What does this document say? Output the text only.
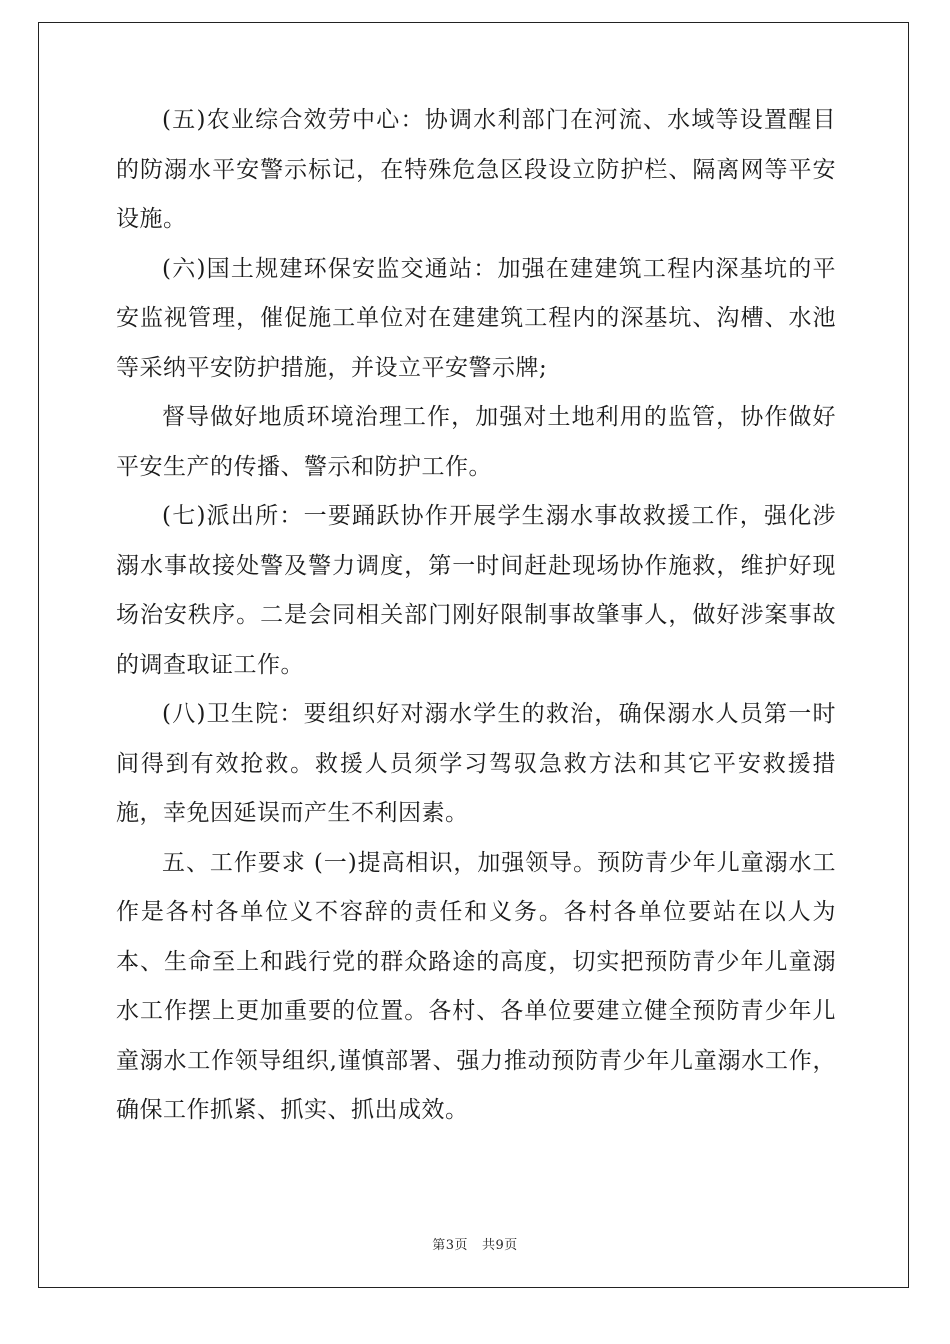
(五)农业综合效劳中心：协调水利部门在河流、水域等设置醒目的防溺水平安警示标记，在特殊危急区段设立防护栏、隔离网等平安设施。

(六)国土规建环保安监交通站：加强在建建筑工程内深基坑的平安监视管理，催促施工单位对在建建筑工程内的深基坑、沟槽、水池等采纳平安防护措施，并设立平安警示牌;

督导做好地质环境治理工作，加强对土地利用的监管，协作做好平安生产的传播、警示和防护工作。

(七)派出所：一要踊跃协作开展学生溺水事故救援工作，强化涉溺水事故接处警及警力调度，第一时间赶赴现场协作施救，维护好现场治安秩序。二是会同相关部门刚好限制事故肇事人，做好涉案事故的调查取证工作。

(八)卫生院：要组织好对溺水学生的救治，确保溺水人员第一时间得到有效抢救。救援人员须学习驾驭急救方法和其它平安救援措施，幸免因延误而产生不利因素。

五、工作要求 (一)提高相识，加强领导。预防青少年儿童溺水工作是各村各单位义不容辞的责任和义务。各村各单位要站在以人为本、生命至上和践行党的群众路途的高度，切实把预防青少年儿童溺水工作摆上更加重要的位置。各村、各单位要建立健全预防青少年儿童溺水工作领导组织,谨慎部署、强力推动预防青少年儿童溺水工作，确保工作抓紧、抓实、抓出成效。

第3页 共9页
